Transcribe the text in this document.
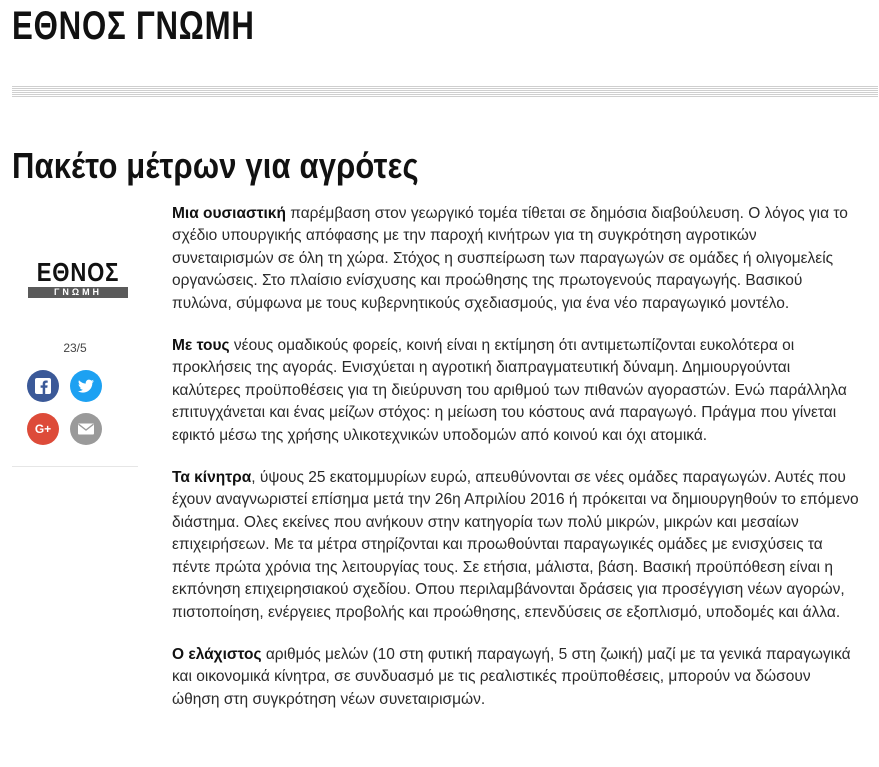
ΕΘΝΟΣ ΓΝΩΜΗ
Πακέτο μέτρων για αγρότες
ΕΘΝΟΣ
ΓΝΩΜΗ
23/5
G+

Μια ουσιαστική παρέμβαση στον γεωργικό τομέα τίθεται σε δημόσια διαβούλευση. Ο λόγος για το σχέδιο υπουργικής απόφασης με την παροχή κινήτρων για τη συγκρότηση αγροτικών συνεταιρισμών σε όλη τη χώρα. Στόχος η συσπείρωση των παραγωγών σε ομάδες ή ολιγομελείς οργανώσεις. Στο πλαίσιο ενίσχυσης και προώθησης της πρωτογενούς παραγωγής. Βασικού πυλώνα, σύμφωνα με τους κυβερνητικούς σχεδιασμούς, για ένα νέο παραγωγικό μοντέλο.

Με τους νέους ομαδικούς φορείς, κοινή είναι η εκτίμηση ότι αντιμετωπίζονται ευκολότερα οι προκλήσεις της αγοράς. Ενισχύεται η αγροτική διαπραγματευτική δύναμη. Δημιουργούνται καλύτερες προϋποθέσεις για τη διεύρυνση του αριθμού των πιθανών αγοραστών. Ενώ παράλληλα επιτυγχάνεται και ένας μείζων στόχος: η μείωση του κόστους ανά παραγωγό. Πράγμα που γίνεται εφικτό μέσω της χρήσης υλικοτεχνικών υποδομών από κοινού και όχι ατομικά.

Τα κίνητρα, ύψους 25 εκατομμυρίων ευρώ, απευθύνονται σε νέες ομάδες παραγωγών. Αυτές που έχουν αναγνωριστεί επίσημα μετά την 26η Απριλίου 2016 ή πρόκειται να δημιουργηθούν το επόμενο διάστημα. Ολες εκείνες που ανήκουν στην κατηγορία των πολύ μικρών, μικρών και μεσαίων επιχειρήσεων. Με τα μέτρα στηρίζονται και προωθούνται παραγωγικές ομάδες με ενισχύσεις τα πέντε πρώτα χρόνια της λειτουργίας τους. Σε ετήσια, μάλιστα, βάση. Βασική προϋπόθεση είναι η εκπόνηση επιχειρησιακού σχεδίου. Οπου περιλαμβάνονται δράσεις για προσέγγιση νέων αγορών, πιστοποίηση, ενέργειες προβολής και προώθησης, επενδύσεις σε εξοπλισμό, υποδομές και άλλα.

Ο ελάχιστος αριθμός μελών (10 στη φυτική παραγωγή, 5 στη ζωική) μαζί με τα γενικά παραγωγικά και οικονομικά κίνητρα, σε συνδυασμό με τις ρεαλιστικές προϋποθέσεις, μπορούν να δώσουν ώθηση στη συγκρότηση νέων συνεταιρισμών.
